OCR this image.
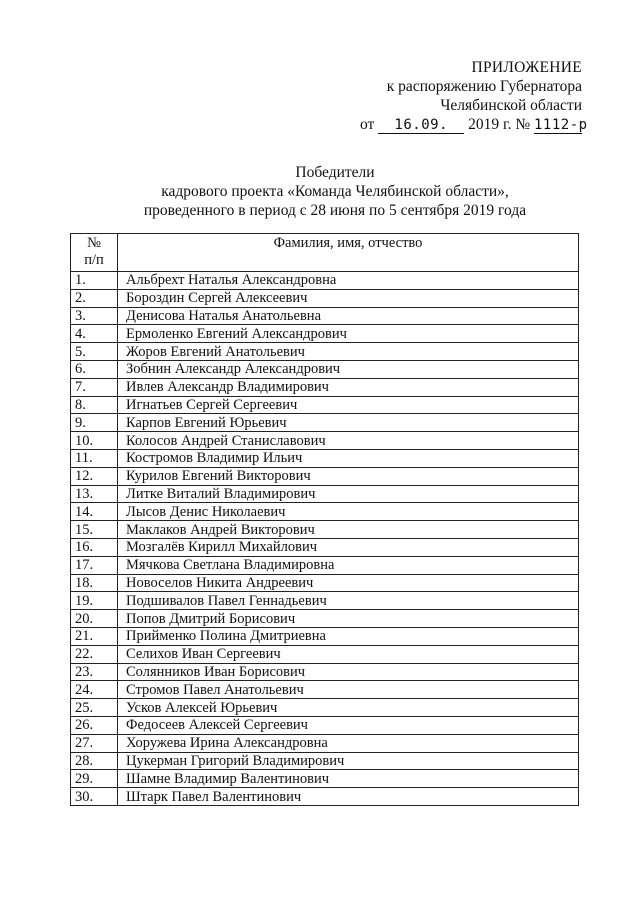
ПРИЛОЖЕНИЕ
к распоряжению Губернатора
Челябинской области
от 16.09. 2019 г. № 1112-р
Победители
кадрового проекта «Команда Челябинской области»,
проведенного в период с 28 июня по 5 сентября 2019 года
№
п/п	Фамилия, имя, отчество
1.	Альбрехт Наталья Александровна
2.	Бороздин Сергей Алексеевич
3.	Денисова Наталья Анатольевна
4.	Ермоленко Евгений Александрович
5.	Жоров Евгений Анатольевич
6.	Зобнин Александр Александрович
7.	Ивлев Александр Владимирович
8.	Игнатьев Сергей Сергеевич
9.	Карпов Евгений Юрьевич
10.	Колосов Андрей Станиславович
11.	Костромов Владимир Ильич
12.	Курилов Евгений Викторович
13.	Литке Виталий Владимирович
14.	Лысов Денис Николаевич
15.	Маклаков Андрей Викторович
16.	Мозгалёв Кирилл Михайлович
17.	Мячкова Светлана Владимировна
18.	Новоселов Никита Андреевич
19.	Подшивалов Павел Геннадьевич
20.	Попов Дмитрий Борисович
21.	Прийменко Полина Дмитриевна
22.	Селихов Иван Сергеевич
23.	Солянников Иван Борисович
24.	Стромов Павел Анатольевич
25.	Усков Алексей Юрьевич
26.	Федосеев Алексей Сергеевич
27.	Хоружева Ирина Александровна
28.	Цукерман Григорий Владимирович
29.	Шамне Владимир Валентинович
30.	Штарк Павел Валентинович
